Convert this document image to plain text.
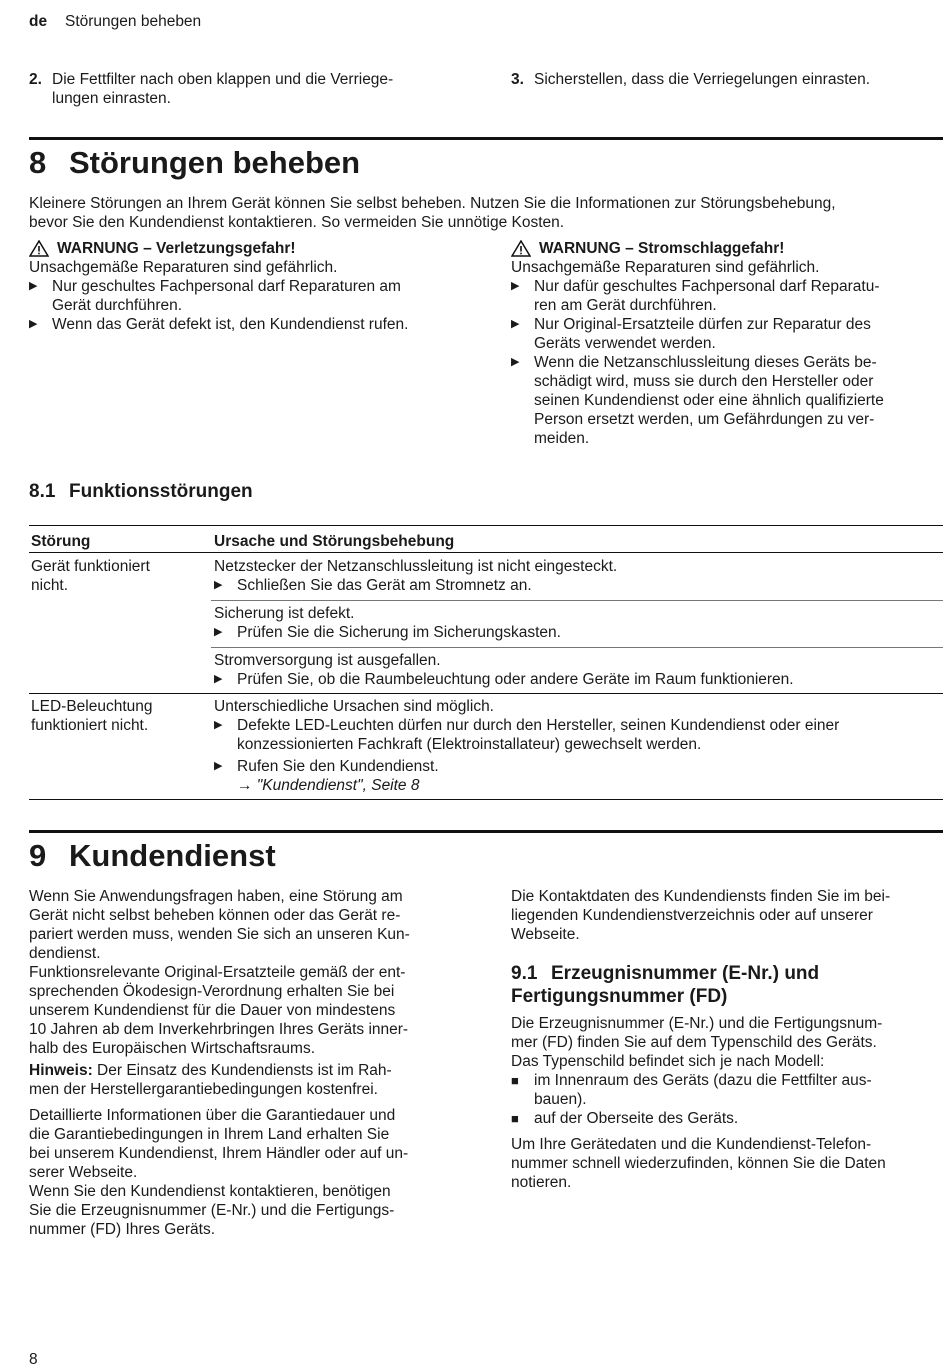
de Störungen beheben
2. Die Fettfilter nach oben klappen und die Verriege-
lungen einrasten.
3. Sicherstellen, dass die Verriegelungen einrasten.
8 Störungen beheben
Kleinere Störungen an Ihrem Gerät können Sie selbst beheben. Nutzen Sie die Informationen zur Störungsbehebung,
bevor Sie den Kundendienst kontaktieren. So vermeiden Sie unnötige Kosten.
WARNUNG – Verletzungsgefahr!
Unsachgemäße Reparaturen sind gefährlich.
▶ Nur geschultes Fachpersonal darf Reparaturen am
Gerät durchführen.
▶ Wenn das Gerät defekt ist, den Kundendienst rufen.
WARNUNG – Stromschlaggefahr!
Unsachgemäße Reparaturen sind gefährlich.
▶ Nur dafür geschultes Fachpersonal darf Reparatu-
ren am Gerät durchführen.
▶ Nur Original-Ersatzteile dürfen zur Reparatur des
Geräts verwendet werden.
▶ Wenn die Netzanschlussleitung dieses Geräts be-
schädigt wird, muss sie durch den Hersteller oder
seinen Kundendienst oder eine ähnlich qualifizierte
Person ersetzt werden, um Gefährdungen zu ver-
meiden.
8.1 Funktionsstörungen
Störung	Ursache und Störungsbehebung
Gerät funktioniert
nicht.
Netzstecker der Netzanschlussleitung ist nicht eingesteckt.
▶ Schließen Sie das Gerät am Stromnetz an.
Sicherung ist defekt.
▶ Prüfen Sie die Sicherung im Sicherungskasten.
Stromversorgung ist ausgefallen.
▶ Prüfen Sie, ob die Raumbeleuchtung oder andere Geräte im Raum funktionieren.
LED-Beleuchtung
funktioniert nicht.
Unterschiedliche Ursachen sind möglich.
▶ Defekte LED-Leuchten dürfen nur durch den Hersteller, seinen Kundendienst oder einer
konzessionierten Fachkraft (Elektroinstallateur) gewechselt werden.
▶ Rufen Sie den Kundendienst.
→ "Kundendienst", Seite 8
9 Kundendienst
Wenn Sie Anwendungsfragen haben, eine Störung am
Gerät nicht selbst beheben können oder das Gerät re-
pariert werden muss, wenden Sie sich an unseren Kun-
dendienst.
Funktionsrelevante Original-Ersatzteile gemäß der ent-
sprechenden Ökodesign-Verordnung erhalten Sie bei
unserem Kundendienst für die Dauer von mindestens
10 Jahren ab dem Inverkehrbringen Ihres Geräts inner-
halb des Europäischen Wirtschaftsraums.
Hinweis: Der Einsatz des Kundendiensts ist im Rah-
men der Herstellergarantiebedingungen kostenfrei.
Detaillierte Informationen über die Garantiedauer und
die Garantiebedingungen in Ihrem Land erhalten Sie
bei unserem Kundendienst, Ihrem Händler oder auf un-
serer Webseite.
Wenn Sie den Kundendienst kontaktieren, benötigen
Sie die Erzeugnisnummer (E-Nr.) und die Fertigungs-
nummer (FD) Ihres Geräts.
Die Kontaktdaten des Kundendiensts finden Sie im bei-
liegenden Kundendienstverzeichnis oder auf unserer
Webseite.
9.1 Erzeugnisnummer (E-Nr.) und
Fertigungsnummer (FD)
Die Erzeugnisnummer (E-Nr.) und die Fertigungsnum-
mer (FD) finden Sie auf dem Typenschild des Geräts.
Das Typenschild befindet sich je nach Modell:
■ im Innenraum des Geräts (dazu die Fettfilter aus-
bauen).
■ auf der Oberseite des Geräts.
Um Ihre Gerätedaten und die Kundendienst-Telefon-
nummer schnell wiederzufinden, können Sie die Daten
notieren.
8
